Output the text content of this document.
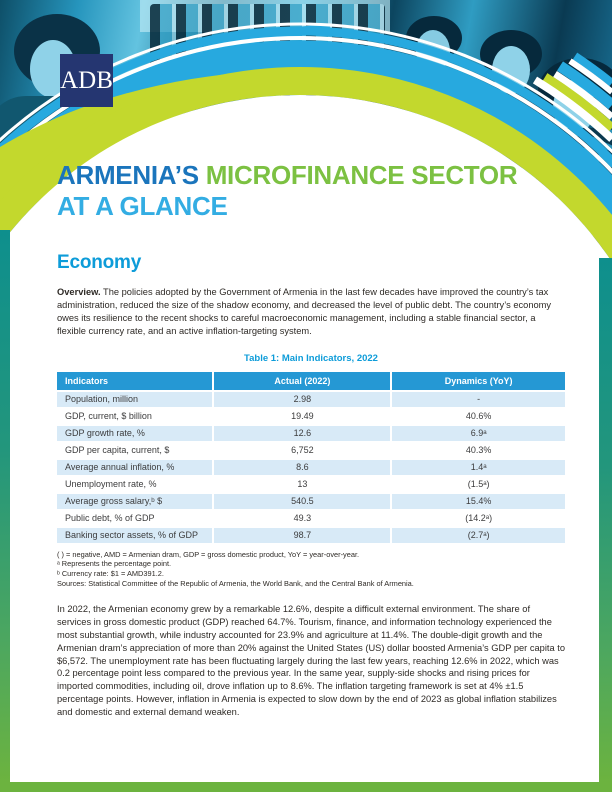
ADB
ARMENIA’S MICROFINANCE SECTOR
AT A GLANCE
Economy

Overview. The policies adopted by the Government of Armenia in the last few decades have improved the country’s tax administration, reduced the size of the shadow economy, and decreased the level of public debt. The country’s economy owes its resilience to the recent shocks to careful macroeconomic management, including a stable financial sector, a flexible currency rate, and an active inflation-targeting system.

Table 1: Main Indicators, 2022
Indicators	Actual (2022)	Dynamics (YoY)
Population, million	2.98	-
GDP, current, $ billion	19.49	40.6%
GDP growth rate, %	12.6	6.9ᵃ
GDP per capita, current, $	6,752	40.3%
Average annual inflation, %	8.6	1.4ᵃ
Unemployment rate, %	13	(1.5ᵃ)
Average gross salary,ᵇ $	540.5	15.4%
Public debt, % of GDP	49.3	(14.2ᵃ)
Banking sector assets, % of GDP	98.7	(2.7ᵃ)
( ) = negative, AMD = Armenian dram, GDP = gross domestic product, YoY = year-over-year.
ᵃ Represents the percentage point.
ᵇ Currency rate: $1 = AMD391.2.
Sources: Statistical Committee of the Republic of Armenia, the World Bank, and the Central Bank of Armenia.

In 2022, the Armenian economy grew by a remarkable 12.6%, despite a difficult external environment. The share of services in gross domestic product (GDP) reached 64.7%. Tourism, finance, and information technology experienced the most substantial growth, while industry accounted for 23.9% and agriculture at 11.4%. The double-digit growth and the Armenian dram’s appreciation of more than 20% against the United States (US) dollar boosted Armenia’s GDP per capita to $6,572. The unemployment rate has been fluctuating largely during the last few years, reaching 12.6% in 2022, which was 0.2 percentage point less compared to the previous year. In the same year, supply-side shocks and rising prices for imported commodities, including oil, drove inflation up to 8.6%. The inflation targeting framework is set at 4% ±1.5 percentage points. However, inflation in Armenia is expected to slow down by the end of 2023 as global inflation stabilizes and domestic and external demand weaken.
